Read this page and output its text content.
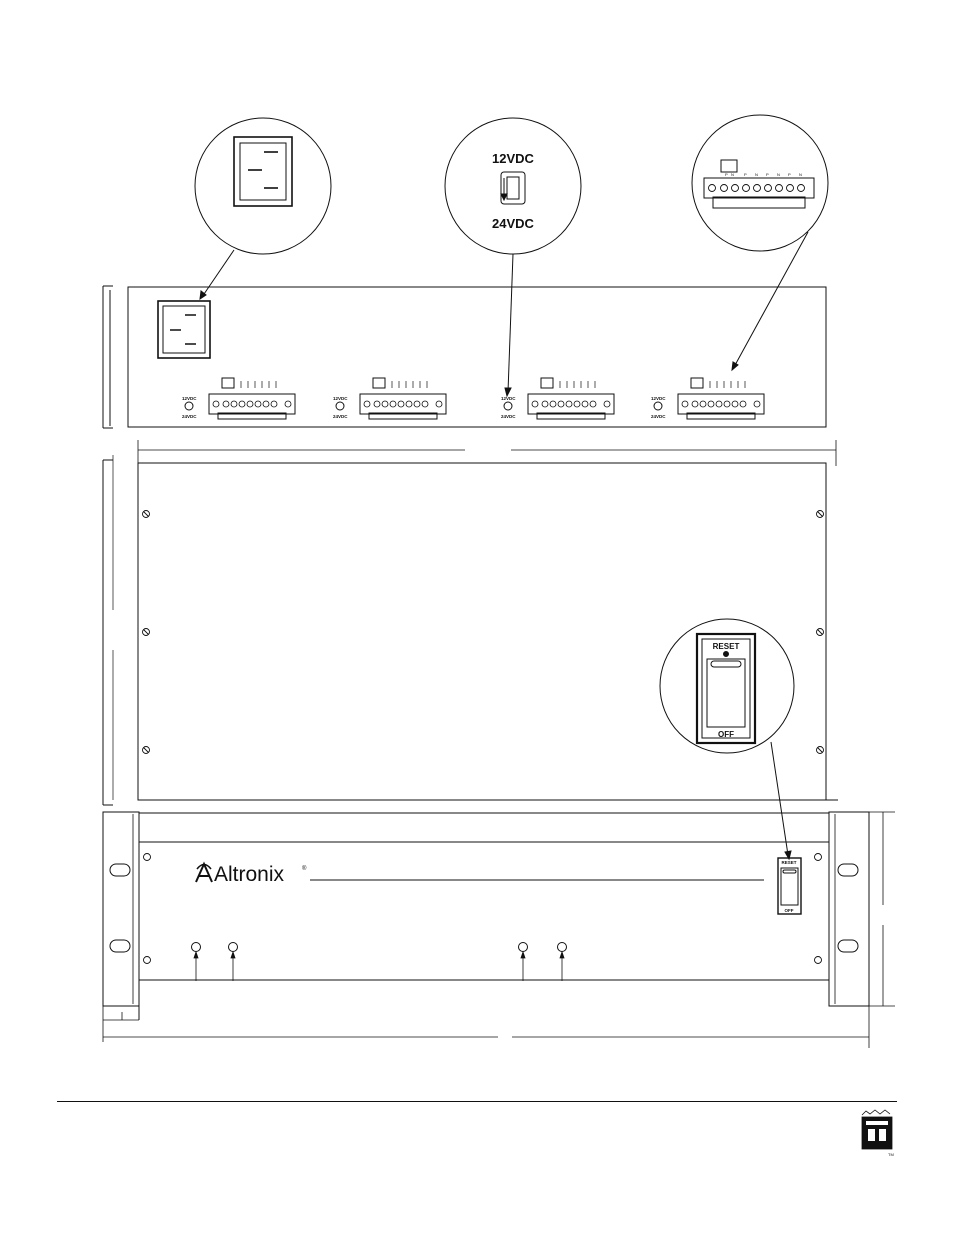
12VDC
24VDC
P N	P N P N P N
12VDC
24VDC
12VDC
24VDC
12VDC
24VDC
12VDC
24VDC
RESET
OFF
Altronix	®
RESET
OFF
TM
